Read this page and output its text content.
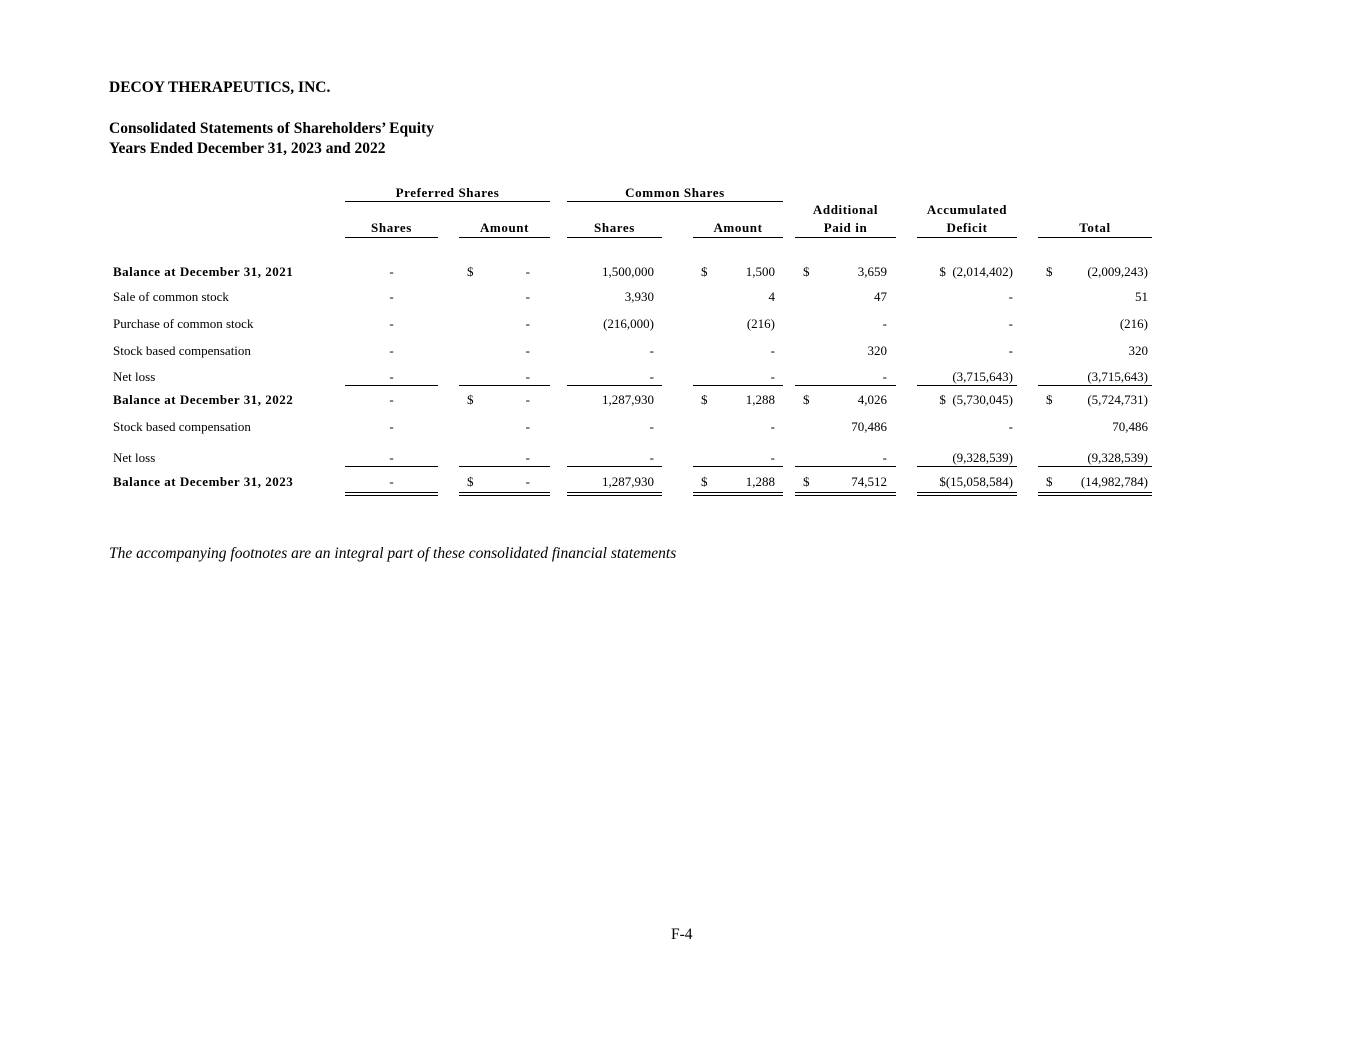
DECOY THERAPEUTICS, INC.
Consolidated Statements of Shareholders’ Equity
Years Ended December 31, 2023 and 2022
Preferred Shares	Common Shares
Shares	Amount	Shares	Amount
Additional
Paid in
Accumulated
Deficit	Total
Balance at December 31, 2021	-	$	-	1,500,000	$	1,500	$	3,659	$  (2,014,402)	$	(2,009,243)
Sale of common stock	-	-	3,930	4	47	-	51
Purchase of common stock	-	-	(216,000)	(216)	-	-	(216)
Stock based compensation	-	-	-	-	320	-	320
Net loss	-	-	-	-	-	(3,715,643)	(3,715,643)
Balance at December 31, 2022	-	$	-	1,287,930	$	1,288	$	4,026	$  (5,730,045)	$	(5,724,731)
Stock based compensation	-	-	-	-	70,486	-	70,486
Net loss	-	-	-	-	-	(9,328,539)	(9,328,539)
Balance at December 31, 2023	-	$	-	1,287,930	$	1,288	$	74,512	$(15,058,584)	$	(14,982,784)
The accompanying footnotes are an integral part of these consolidated financial statements
F-4
